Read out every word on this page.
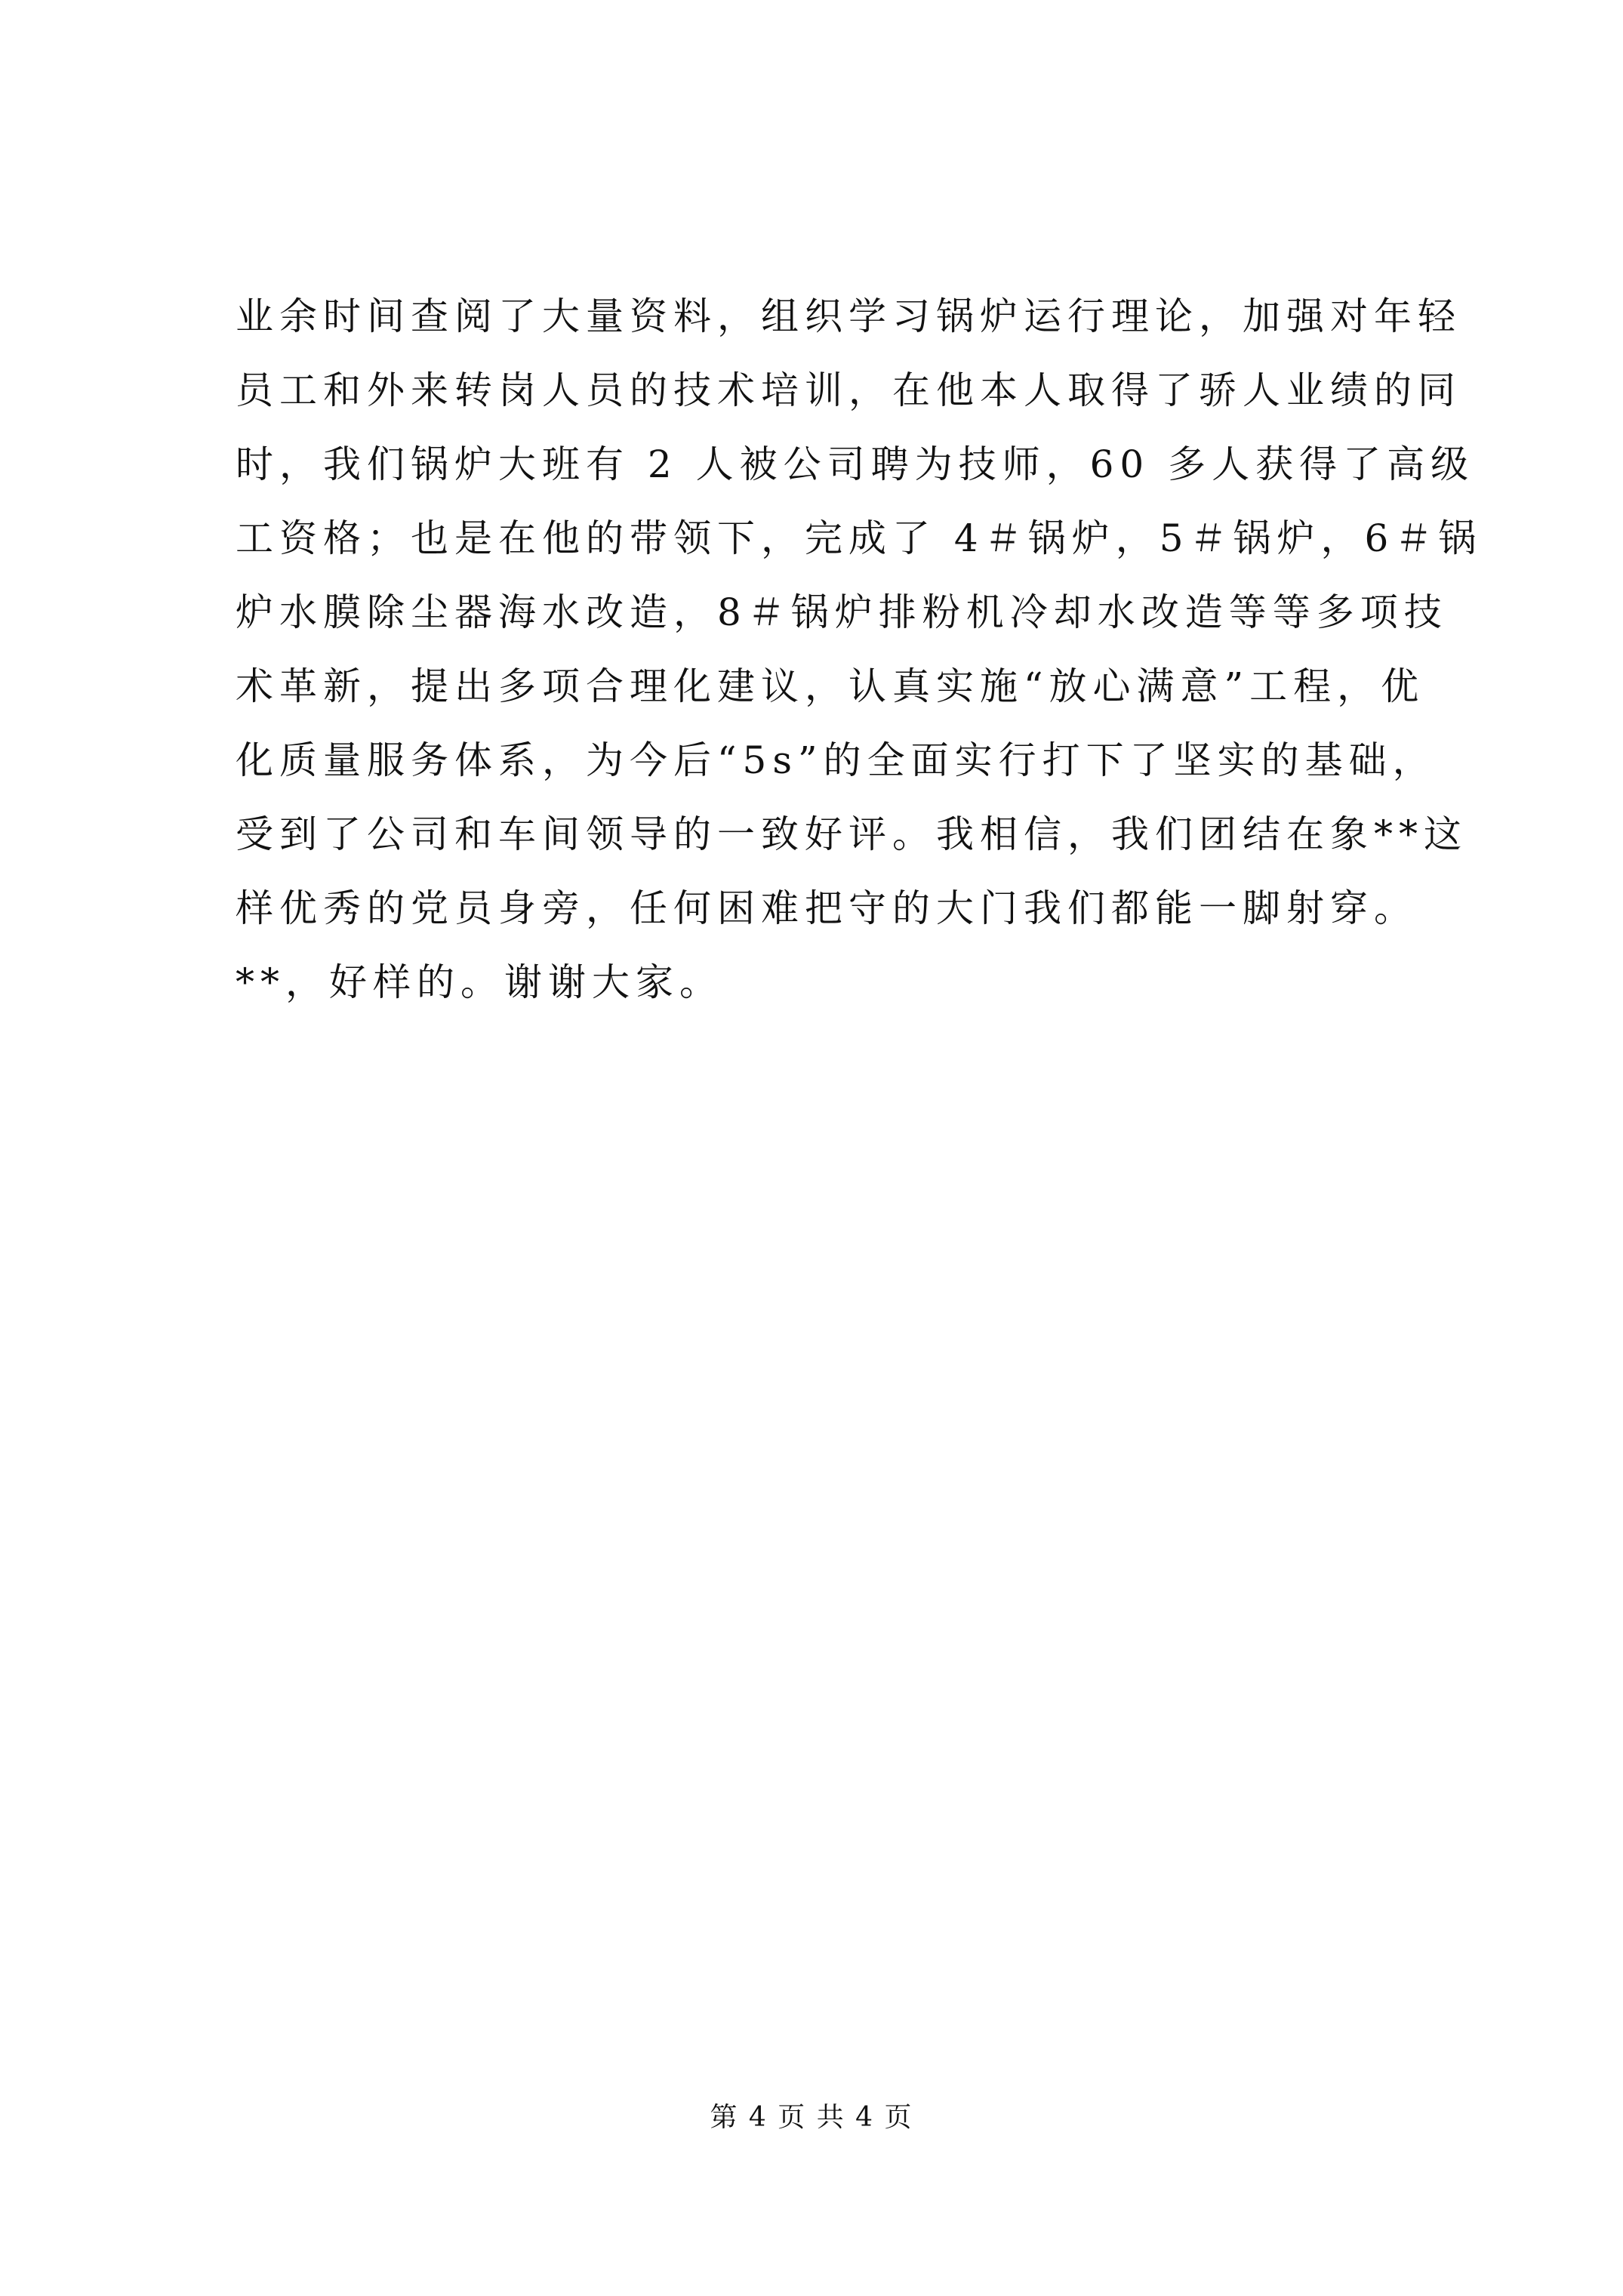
业余时间查阅了大量资料，组织学习锅炉运行理论，加强对年轻
员工和外来转岗人员的技术培训，在他本人取得了骄人业绩的同
时，我们锅炉大班有 2 人被公司聘为技师，60 多人获得了高级
工资格；也是在他的带领下，完成了 4＃锅炉，5＃锅炉，6＃锅
炉水膜除尘器海水改造，8＃锅炉排粉机冷却水改造等等多项技
术革新，提出多项合理化建议，认真实施“放心满意”工程，优
化质量服务体系，为今后“5s”的全面实行打下了坚实的基础，
受到了公司和车间领导的一致好评。我相信，我们团结在象**这
样优秀的党员身旁，任何困难把守的大门我们都能一脚射穿。
**，好样的。谢谢大家。
第 4 页 共 4 页
